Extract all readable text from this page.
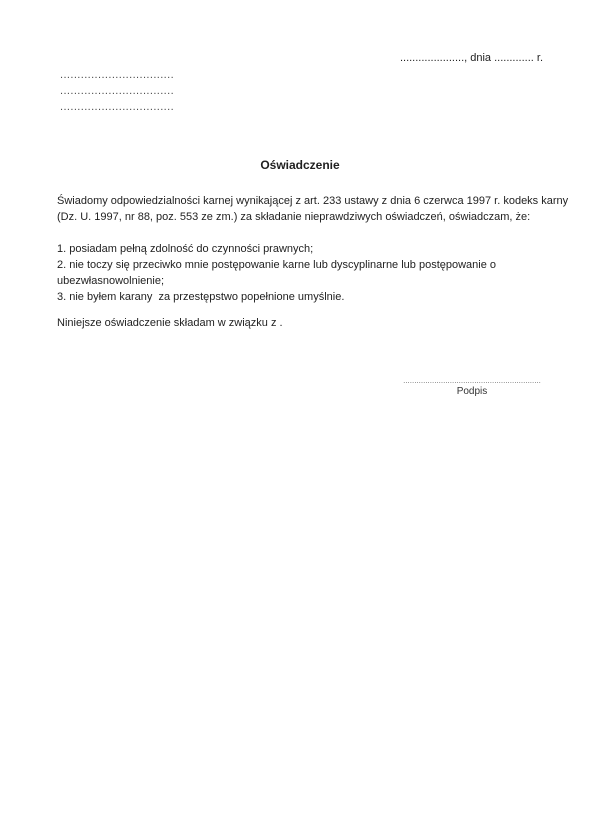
....................., dnia ............. r.
.................................
.................................
.................................
Oświadczenie
Świadomy odpowiedzialności karnej wynikającej z art. 233 ustawy z dnia 6 czerwca 1997 r. kodeks karny
(Dz. U. 1997, nr 88, poz. 553 ze zm.) za składanie nieprawdziwych oświadczeń, oświadczam, że:
1. posiadam pełną zdolność do czynności prawnych;
2. nie toczy się przeciwko mnie postępowanie karne lub dyscyplinarne lub postępowanie o
ubezwłasnowolnienie;
3. nie byłem karany  za przestępstwo popełnione umyślnie.
Niniejsze oświadczenie składam w związku z .
..............................................................
Podpis
